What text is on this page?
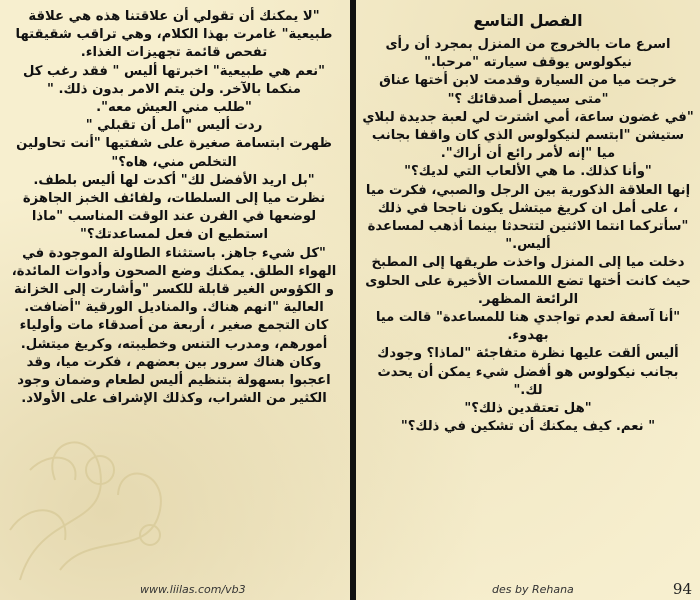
"لا يمكنك أن تقولي أن علاقتنا هذه هي علاقة طبيعية" غامرت بهذا الكلام، وهي تراقب شقيقتها تفحص قائمة تجهيزات الغذاء.

"نعم هي طبيعية" اخبرتها أليس " فقد رغب كل منكما بالآخر. ولن يتم الامر بدون ذلك. "

"طلب مني العيش معه".

ردت أليس "أمل أن تقبلي "

ظهرت ابتسامة صغيرة على شفتيها "أنت تحاولين التخلص مني، هاه؟"

"بل اريد الأفضل لك" أكدت لها أليس بلطف.

نظرت ميا إلى السلطات، ولفائف الخبز الجاهزة لوضعها في الفرن عند الوقت المناسب "ماذا استطيع ان فعل لمساعدتك؟"

"كل شيء جاهز. باستثناء الطاولة الموجودة في الهواء الطلق. يمكنك وضع الصحون وأدوات المائدة، و الكؤوس الغير قابلة للكسر "وأشارت إلى الخزانة العالية "انهم هناك. والمناديل الورقية "أضافت.

كان التجمع صغير ، أربعة من أصدقاء مات وأولياء أمورهم، ومدرب التنس وخطيبته، وكريغ ميتشل. وكان هناك سرور بين بعضهم ، فكرت ميا، وقد اعجبوا بسهولة بتنظيم أليس لطعام وضمان وجود الكثير من الشراب، وكذلك الإشراف على الأولاد.

الفصل التاسع

اسرع مات بالخروج من المنزل بمجرد أن رأى نيكولوس يوقف سيارته "مرحبا."

خرجت ميا من السيارة وقدمت لابن أختها عناق "متى سيصل أصدقائك ؟"

"في غضون ساعة، أمي اشترت لي لعبة جديدة لبلاي ستيشن "ابتسم لنيكولوس الذي كان واقفا بجانب ميا "إنه لأمر رائع أن أراك".

"وأنا كذلك. ما هي الألعاب التي لديك؟"

إنها العلاقة الذكورية بين الرجل والصبي، فكرت ميا ، على أمل ان كريغ ميتشل يكون ناجحا في ذلك "سأتركما انتما الاثنين لتتحدثا بينما أذهب لمساعدة أليس."

دخلت ميا إلى المنزل واخذت طريقها إلى المطبخ حيث كانت أختها تضع اللمسات الأخيرة على الحلوى الرائعة المظهر.

"أنا آسفة لعدم تواجدي هنا للمساعدة" قالت ميا بهدوء.

أليس ألقت عليها نظرة متفاجئة "لماذا؟ وجودك بجانب نيكولوس هو أفضل شيء يمكن أن يحدث لك."

"هل تعتقدين ذلك؟"

" نعم. كيف يمكنك أن تشكين في ذلك؟"

www.liilas.com/vb3	des by Rehana	94
